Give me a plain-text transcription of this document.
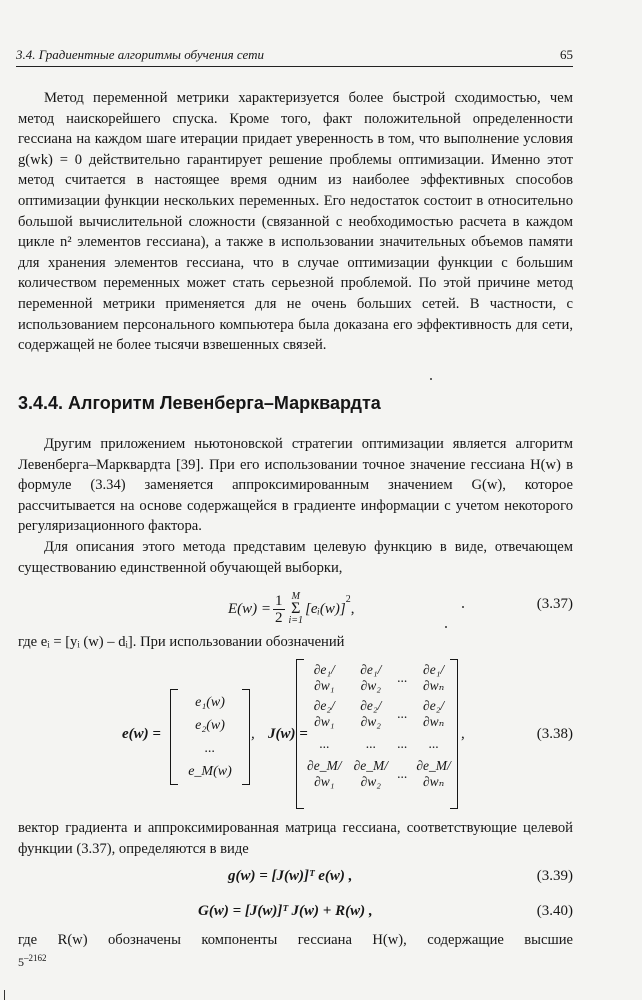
3.4. Градиентные алгоритмы обучения сети	65

Метод переменной метрики характеризуется более быстрой сходимостью, чем метод наискорейшего спуска. Кроме того, факт положительной определенности гессиана на каждом шаге итерации придает уверенность в том, что выполнение условия g(wk) = 0 действительно гарантирует решение проблемы оптимизации. Именно этот метод считается в настоящее время одним из наиболее эффективных способов оптимизации функции нескольких переменных. Его недостаток состоит в относительно большой вычислительной сложности (связанной с необходимостью расчета в каждом цикле n² элементов гессиана), а также в использовании значительных объемов памяти для хранения элементов гессиана, что в случае оптимизации функции с большим количеством переменных может стать серьезной проблемой. По этой причине метод переменной метрики применяется для не очень больших сетей. В частности, с использованием персонального компьютера была доказана его эффективность для сети, содержащей не более тысячи взвешенных связей.

3.4.4. Алгоритм Левенберга–Марквардта

Другим приложением ньютоновской стратегии оптимизации является алгоритм Левенберга–Марквардта [39]. При его использовании точное значение гессиана H(w) в формуле (3.34) заменяется аппроксимированным значением G(w), которое рассчитывается на основе содержащейся в градиенте информации с учетом некоторого регуляризационного фактора.

Для описания этого метода представим целевую функцию в виде, отвечающем существованию единственной обучающей выборки,

$E(w) = \frac{1}{2}$ M
Σ
i=1
[eᵢ(w)]
$^2$
,	(3.37)

где eᵢ = [yᵢ (w) – dᵢ]. При использовании обозначений

e(w) =
e₁(w)
e₂(w)
...
e_M(w)
, J(w) =
∂e₁/∂w₁	∂e₁/∂w₂	...	∂e₁/∂wₙ
∂e₂/∂w₁	∂e₂/∂w₂	...	∂e₂/∂wₙ
...	...	...	...
∂e_M/∂w₁	∂e_M/∂w₂	...	∂e_M/∂wₙ
,	(3.38)

вектор градиента и аппроксимированная матрица гессиана, соответствующие целевой функции (3.37), определяются в виде

g(w) = [J(w)]ᵀ e(w) ,	(3.39)
G(w) = [J(w)]ᵀ J(w) + R(w) ,	(3.40)

где R(w) обозначены компоненты гессиана H(w), содержащие высшие

$5^{-2162}$
